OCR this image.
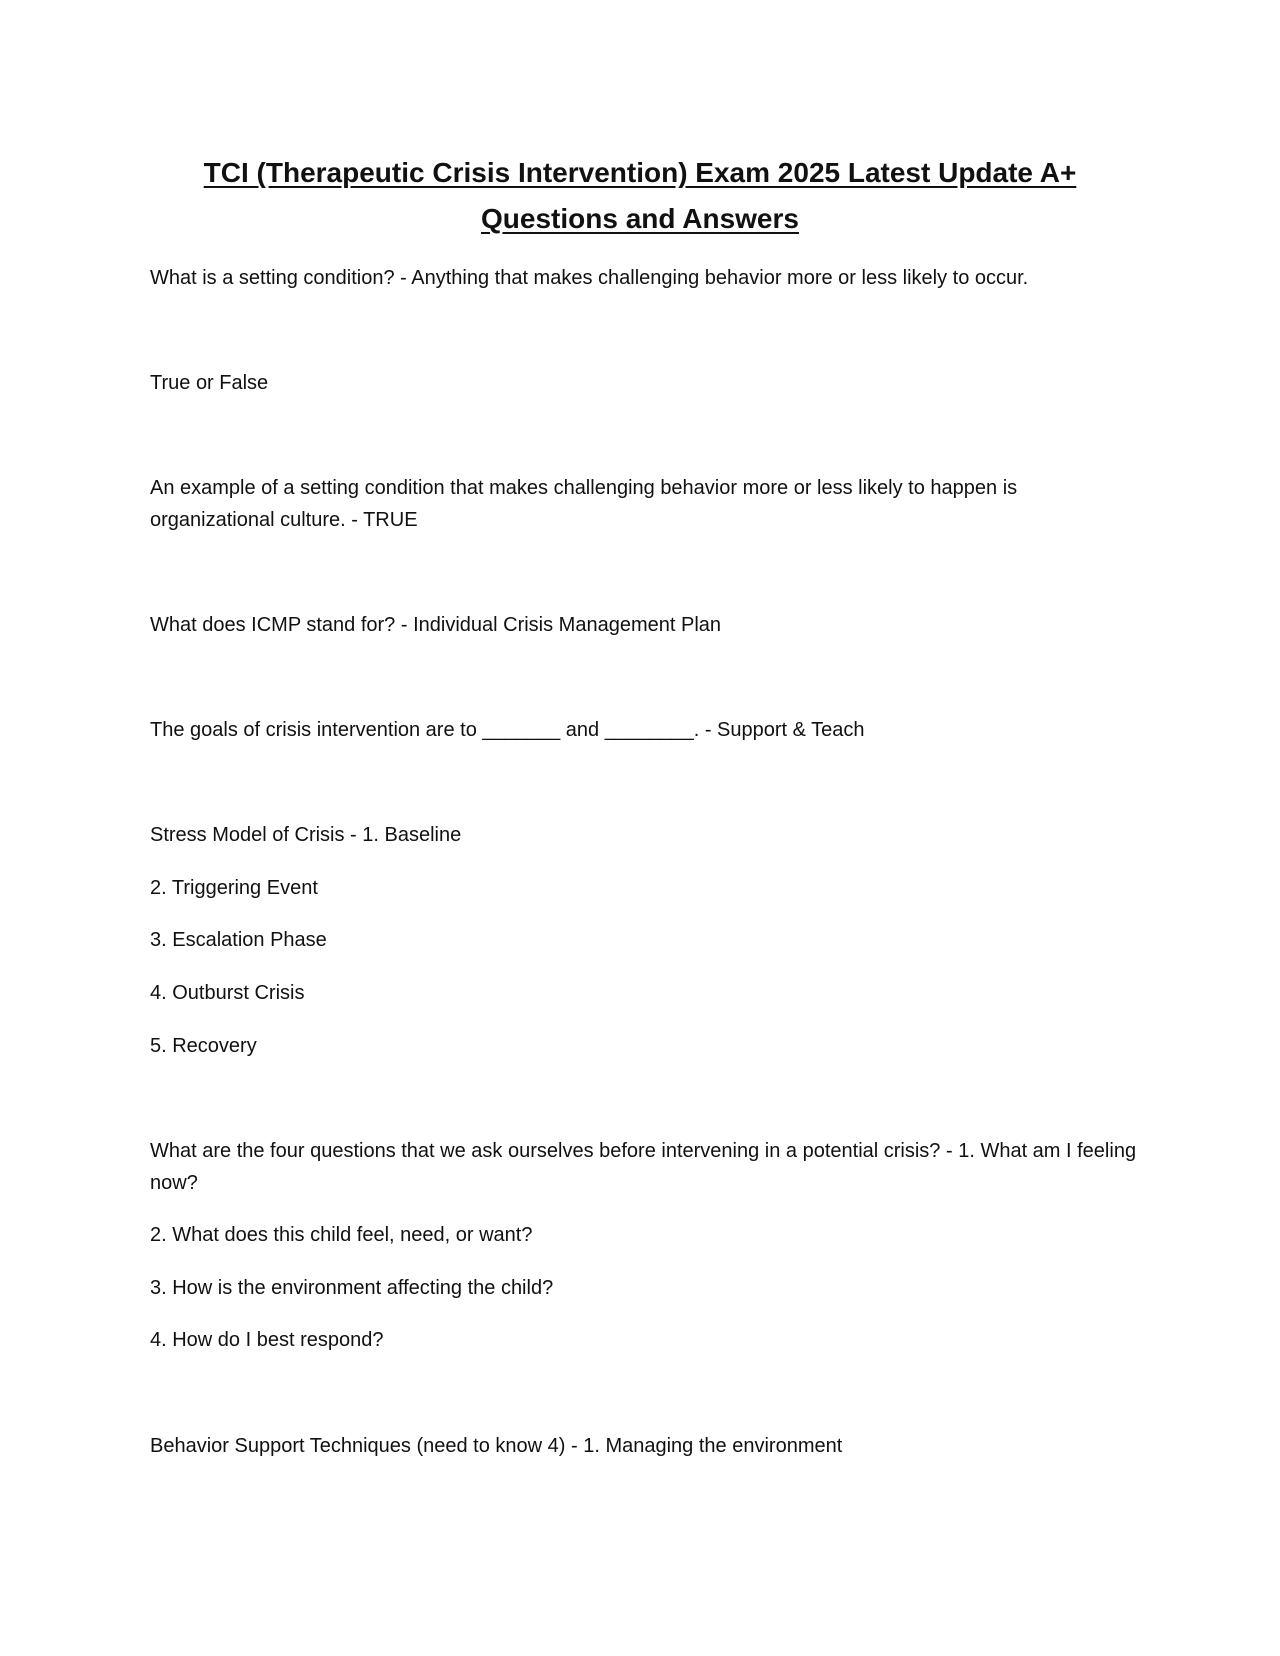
TCI (Therapeutic Crisis Intervention) Exam 2025 Latest Update A+
Questions and Answers

What is a setting condition? - Anything that makes challenging behavior more or less likely to occur.

True or False

An example of a setting condition that makes challenging behavior more or less likely to happen is organizational culture. - TRUE

What does ICMP stand for? - Individual Crisis Management Plan

The goals of crisis intervention are to _______ and ________. - Support & Teach

Stress Model of Crisis - 1. Baseline

2. Triggering Event

3. Escalation Phase

4. Outburst Crisis

5. Recovery

What are the four questions that we ask ourselves before intervening in a potential crisis? - 1. What am I feeling now?

2. What does this child feel, need, or want?

3. How is the environment affecting the child?

4. How do I best respond?

Behavior Support Techniques (need to know 4) - 1. Managing the environment
